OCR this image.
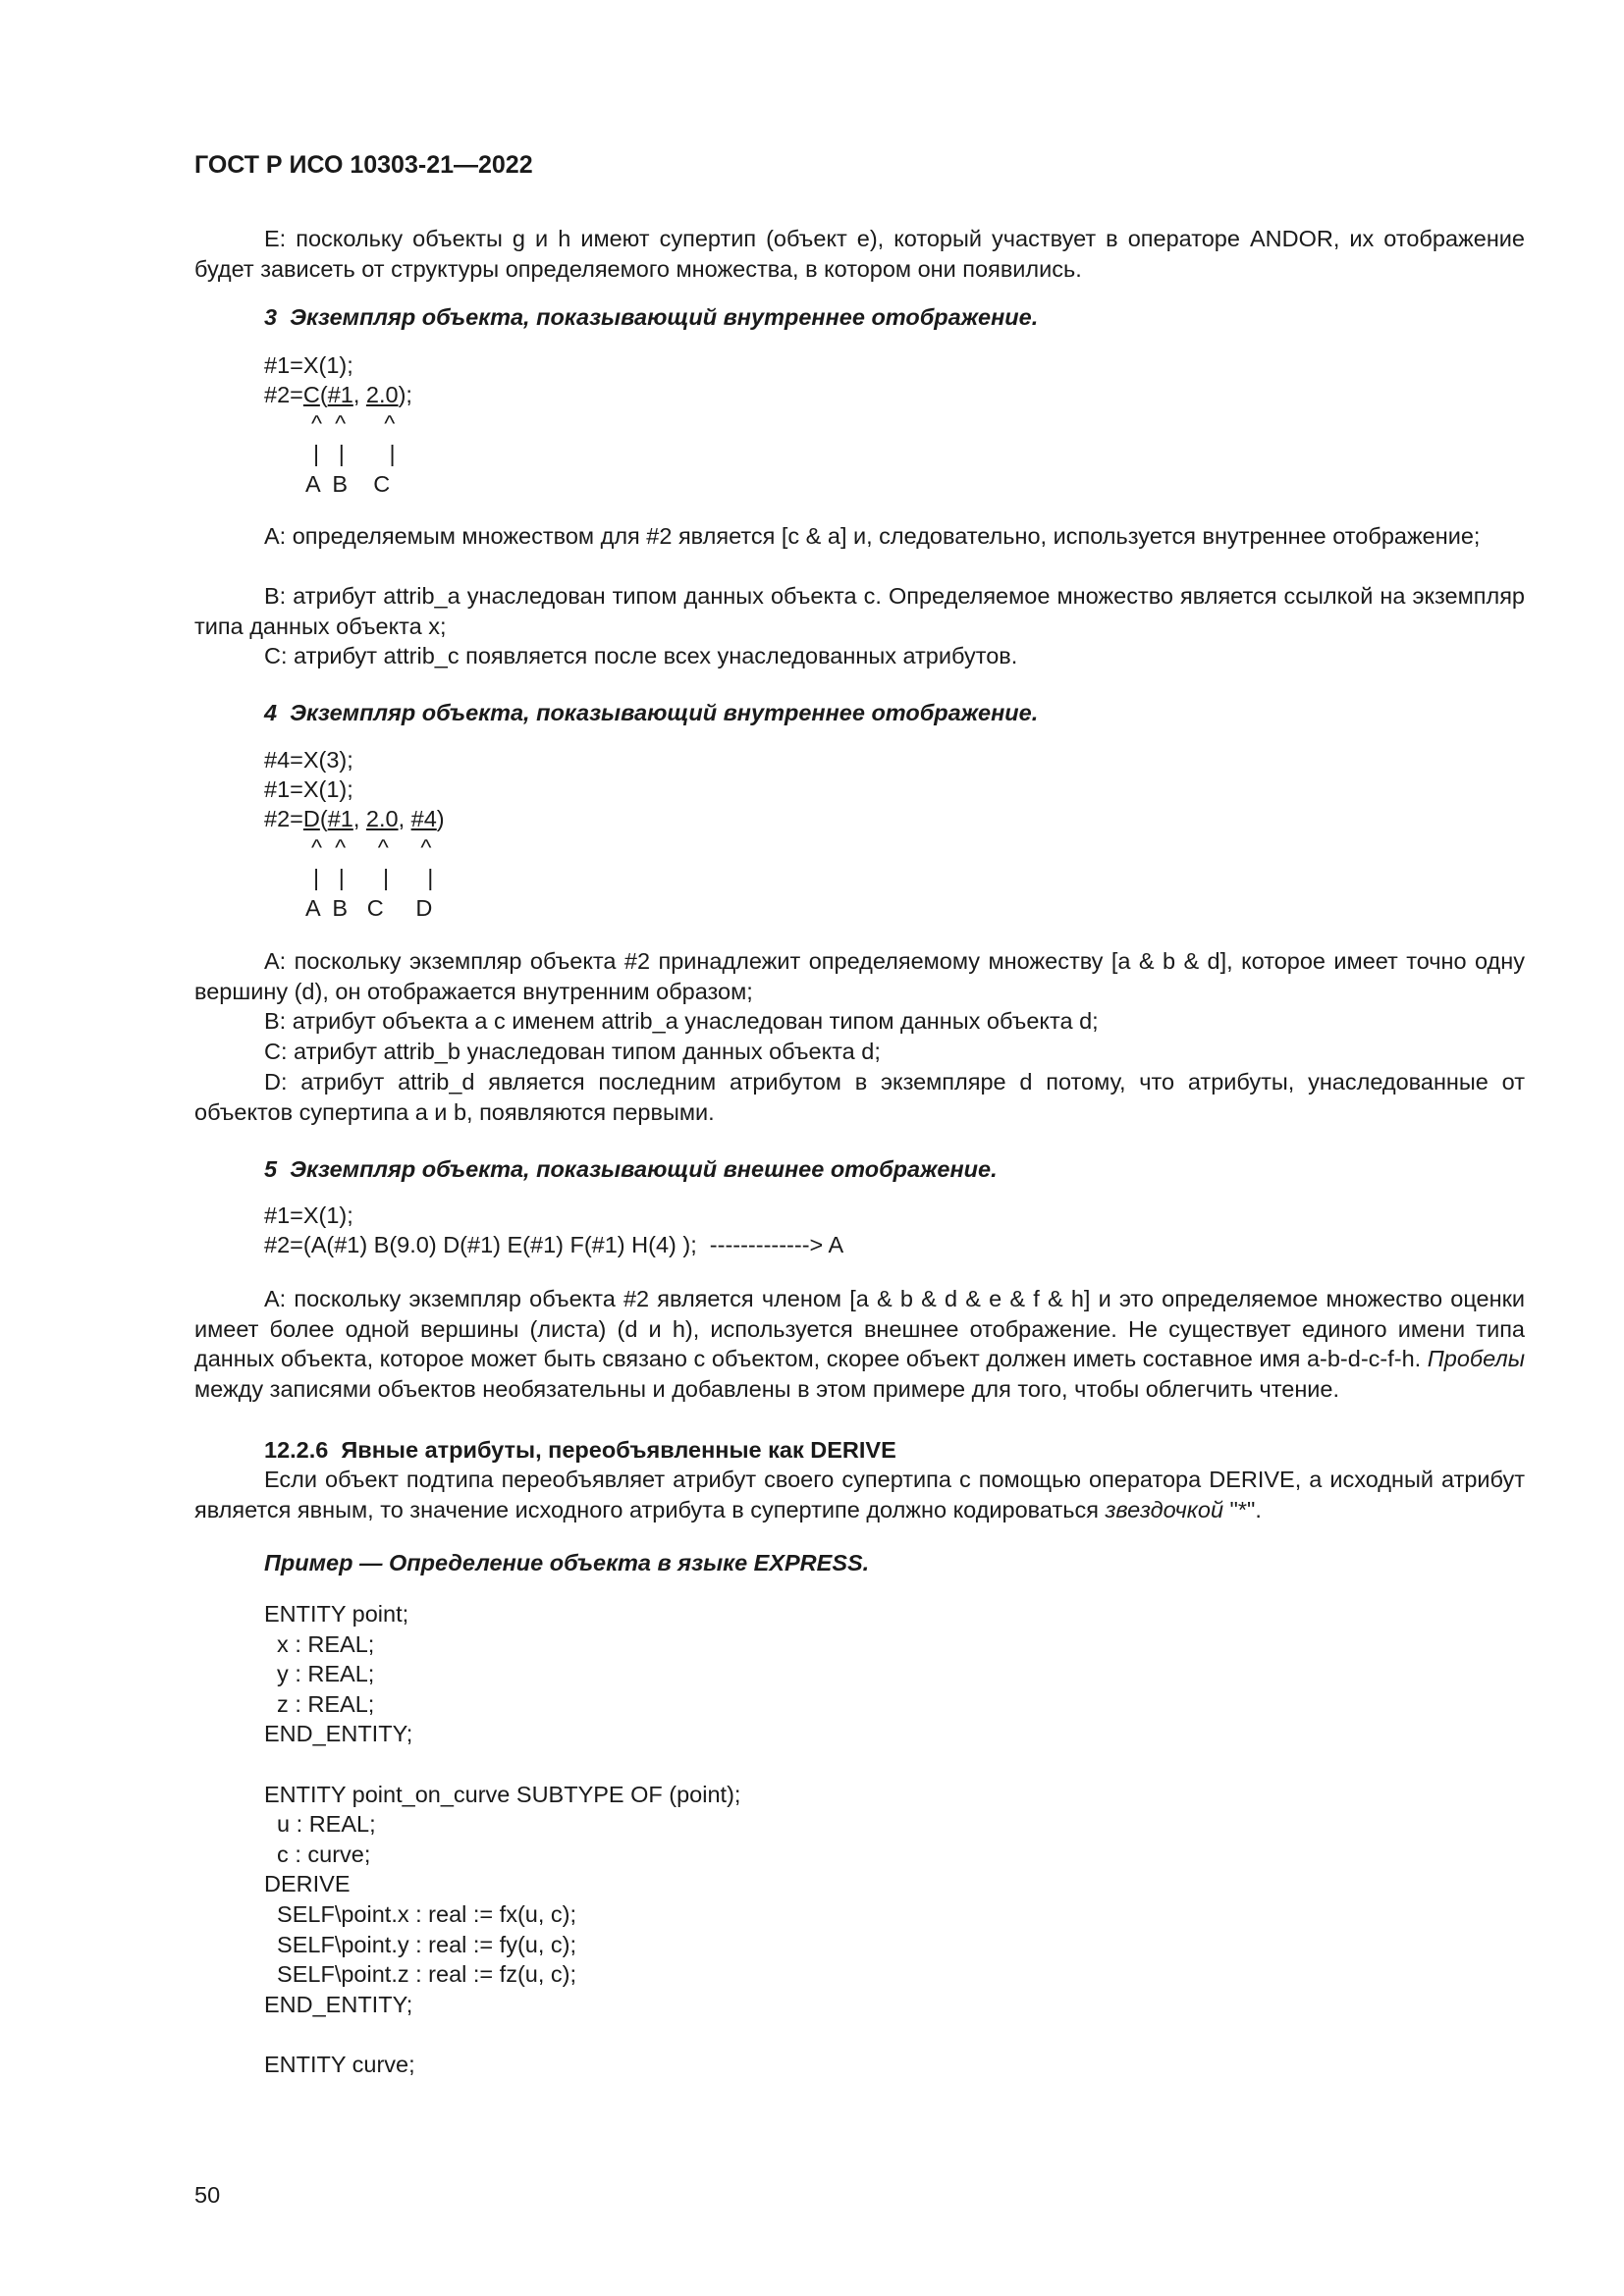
ГОСТ Р ИСО 10303-21—2022
E: поскольку объекты g и h имеют супертип (объект е), который участвует в операторе ANDOR, их отображение будет зависеть от структуры определяемого множества, в котором они появились.
3  Экземпляр объекта, показывающий внутреннее отображение.
#1=X(1);
#2=C(#1, 2.0);
^  ^      ^
|   |       |
A  B    C
A: определяемым множеством для #2 является [c & a] и, следовательно, используется внутреннее отображение;
B: атрибут attrib_a унаследован типом данных объекта с. Определяемое множество является ссылкой на экземпляр типа данных объекта x;
C: атрибут attrib_c появляется после всех унаследованных атрибутов.
4  Экземпляр объекта, показывающий внутреннее отображение.
#4=X(3);
#1=X(1);
#2=D(#1, 2.0, #4)
^  ^     ^     ^
|   |      |      |
A  B   C     D
A: поскольку экземпляр объекта #2 принадлежит определяемому множеству [a & b & d], которое имеет точно одну вершину (d), он отображается внутренним образом;
B: атрибут объекта а с именем attrib_a унаследован типом данных объекта d;
C: атрибут attrib_b унаследован типом данных объекта d;
D: атрибут attrib_d является последним атрибутом в экземпляре d потому, что атрибуты, унаследованные от объектов супертипа a и b, появляются первыми.
5  Экземпляр объекта, показывающий внешнее отображение.
#1=X(1);
#2=(A(#1) B(9.0) D(#1) E(#1) F(#1) H(4) );  -------------> A
A: поскольку экземпляр объекта #2 является членом [a & b & d & e & f & h] и это определяемое множество оценки имеет более одной вершины (листа) (d и h), используется внешнее отображение. Не существует единого имени типа данных объекта, которое может быть связано с объектом, скорее объект должен иметь составное имя a-b-d-c-f-h. Пробелы между записями объектов необязательны и добавлены в этом примере для того, чтобы облегчить чтение.
12.2.6  Явные атрибуты, переобъявленные как DERIVE
Если объект подтипа переобъявляет атрибут своего супертипа с помощью оператора DERIVE, а исходный атрибут является явным, то значение исходного атрибута в супертипе должно кодироваться звездочкой "*".
Пример — Определение объекта в языке EXPRESS.
ENTITY point;
x : REAL;
y : REAL;
z : REAL;
END_ENTITY;
ENTITY point_on_curve SUBTYPE OF (point);
u : REAL;
c : curve;
DERIVE
SELF\point.x : real := fx(u, c);
SELF\point.y : real := fy(u, c);
SELF\point.z : real := fz(u, c);
END_ENTITY;
ENTITY curve;
50
